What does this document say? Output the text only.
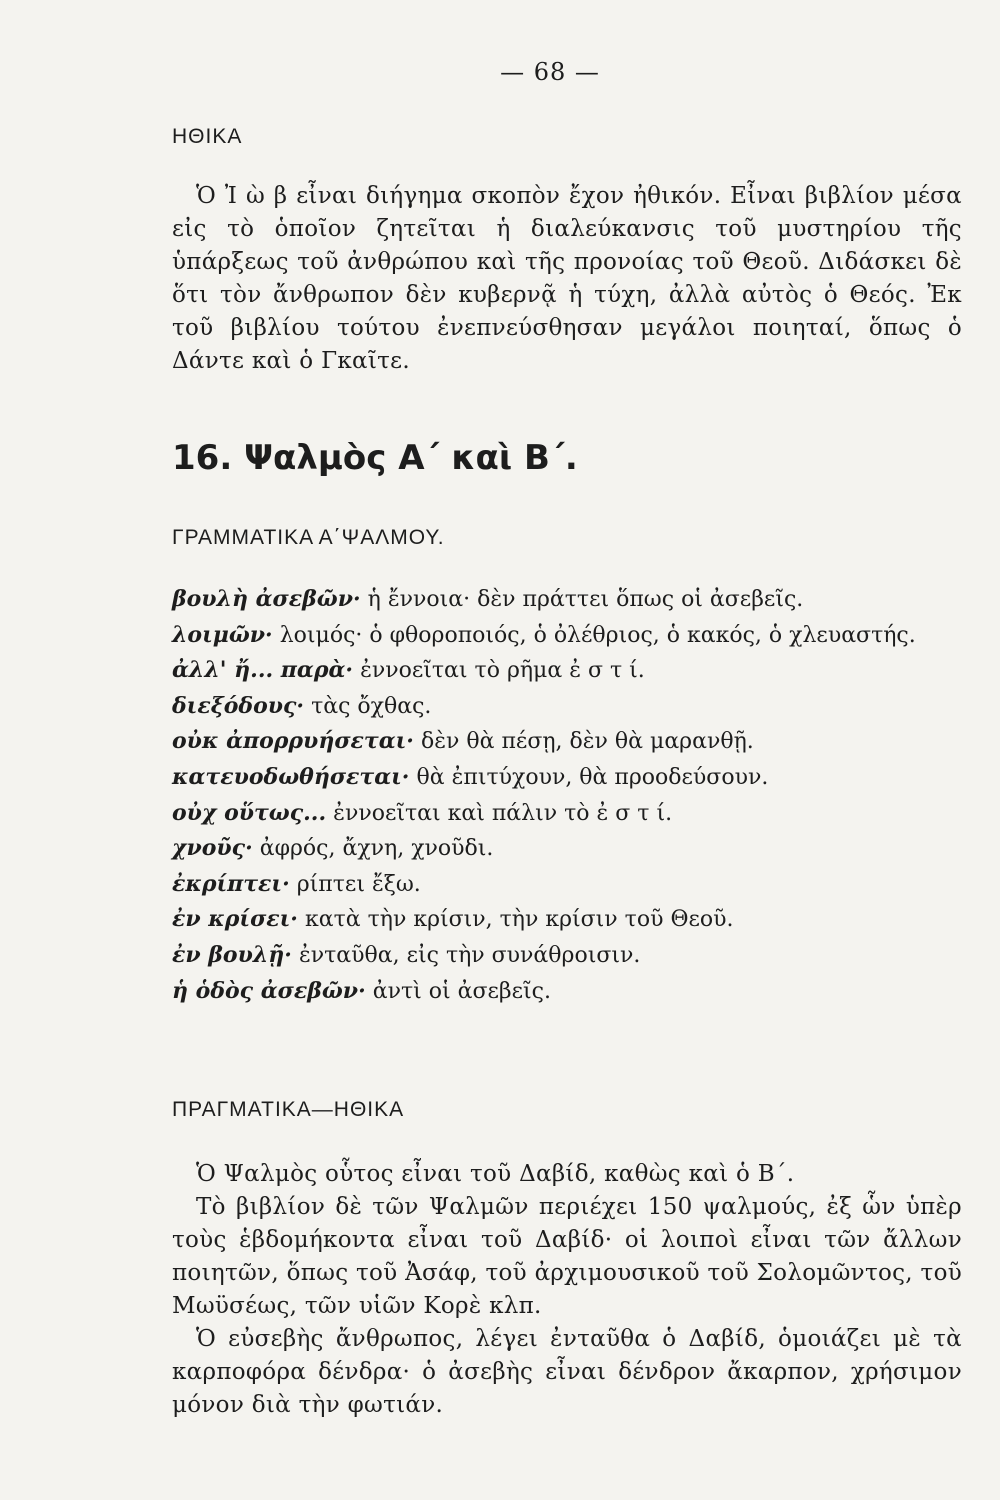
— 68 —
ΗΘΙΚΑ

Ὁ Ἰ ὼ β εἶναι διήγημα σκοπὸν ἔχον ἠθικόν. Εἶναι βιβλίον μέσα εἰς τὸ ὁποῖον ζητεῖται ἡ διαλεύκανσις τοῦ μυστηρίου τῆς ὑπάρξεως τοῦ ἀνθρώπου καὶ τῆς προνοίας τοῦ Θεοῦ. Διδάσκει δὲ ὅτι τὸν ἄνθρωπον δὲν κυβερνᾷ ἡ τύχη, ἀλλὰ αὐτὸς ὁ Θεός. Ἐκ τοῦ βιβλίου τούτου ἐνεπνεύσθησαν μεγάλοι ποιηταί, ὅπως ὁ Δάντε καὶ ὁ Γκαῖτε.

16. Ψαλμὸς Α΄ καὶ Β΄.
ΓΡΑΜΜΑΤΙΚΑ Α΄ΨΑΛΜΟΥ.

βουλὴ ἀσεβῶν· ἡ ἔννοια· δὲν πράττει ὅπως οἱ ἀσεβεῖς.

λοιμῶν· λοιμός· ὁ φθοροποιός, ὁ ὀλέθριος, ὁ κακός, ὁ χλευαστής.

ἀλλ' ἤ... παρὰ· ἐννοεῖται τὸ ρῆμα ἐ σ τ ί.

διεξόδους· τὰς ὄχθας.

οὐκ ἀπορρυήσεται· δὲν θὰ πέσῃ, δὲν θὰ μαρανθῇ.

κατευοδωθήσεται· θὰ ἐπιτύχουν, θὰ προοδεύσουν.

οὐχ οὕτως... ἐννοεῖται καὶ πάλιν τὸ ἐ σ τ ί.

χνοῦς· ἀφρός, ἄχνη, χνοῦδι.

ἐκρίπτει· ρίπτει ἔξω.

ἐν κρίσει· κατὰ τὴν κρίσιν, τὴν κρίσιν τοῦ Θεοῦ.

ἐν βουλῇ· ἐνταῦθα, εἰς τὴν συνάθροισιν.

ἡ ὁδὸς ἀσεβῶν· ἀντὶ οἱ ἀσεβεῖς.

ΠΡΑΓΜΑΤΙΚΑ—ΗΘΙΚΑ

Ὁ Ψαλμὸς οὗτος εἶναι τοῦ Δαβίδ, καθὼς καὶ ὁ Β΄.

Τὸ βιβλίον δὲ τῶν Ψαλμῶν περιέχει 150 ψαλμούς, ἐξ ὧν ὑπὲρ τοὺς ἑβδομήκοντα εἶναι τοῦ Δαβίδ· οἱ λοιποὶ εἶναι τῶν ἄλλων ποιητῶν, ὅπως τοῦ Ἀσάφ, τοῦ ἀρχιμουσικοῦ τοῦ Σολομῶντος, τοῦ Μωϋσέως, τῶν υἱῶν Κορὲ κλπ.

Ὁ εὐσεβὴς ἄνθρωπος, λέγει ἐνταῦθα ὁ Δαβίδ, ὁμοιάζει μὲ τὰ καρποφόρα δένδρα· ὁ ἀσεβὴς εἶναι δένδρον ἄκαρπον, χρήσιμον μόνον διὰ τὴν φωτιάν.
